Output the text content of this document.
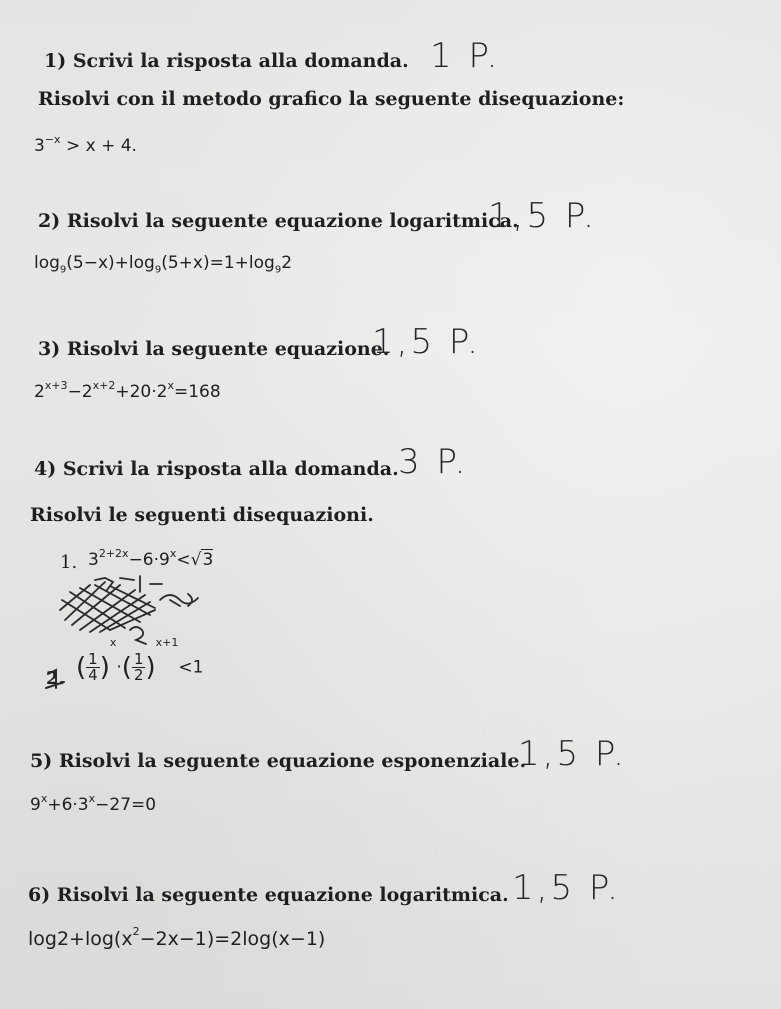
1) Scrivi la risposta alla domanda. 1 P.
Risolvi con il metodo grafico la seguente disequazione:
$3^{-x} > x + 4$.
2) Risolvi la seguente equazione logaritmica.
1,5 P.
$\log_9(5-x)+\log_9(5+x)=1+\log_92$
3) Risolvi la seguente equazione.
1,5 P.
$2^{x+3}-2^{x+2}+20\cdot 2^x=168$
4) Scrivi la risposta alla domanda. 3 P.
Risolvi le seguenti disequazioni.
1. $3^{2+2x}-6\cdot 9^x<√3$
2. ( $\frac{1}{4} )^x\cdot( \frac{1}{2} )^{x+1}<1$
5) Risolvi la seguente equazione esponenziale.
1,5 P.
$9^x+6\cdot 3^x-27=0$
6) Risolvi la seguente equazione logaritmica. 1,5 P.
$\log 2+\log(x^2-2x-1)=2\log(x-1)$
